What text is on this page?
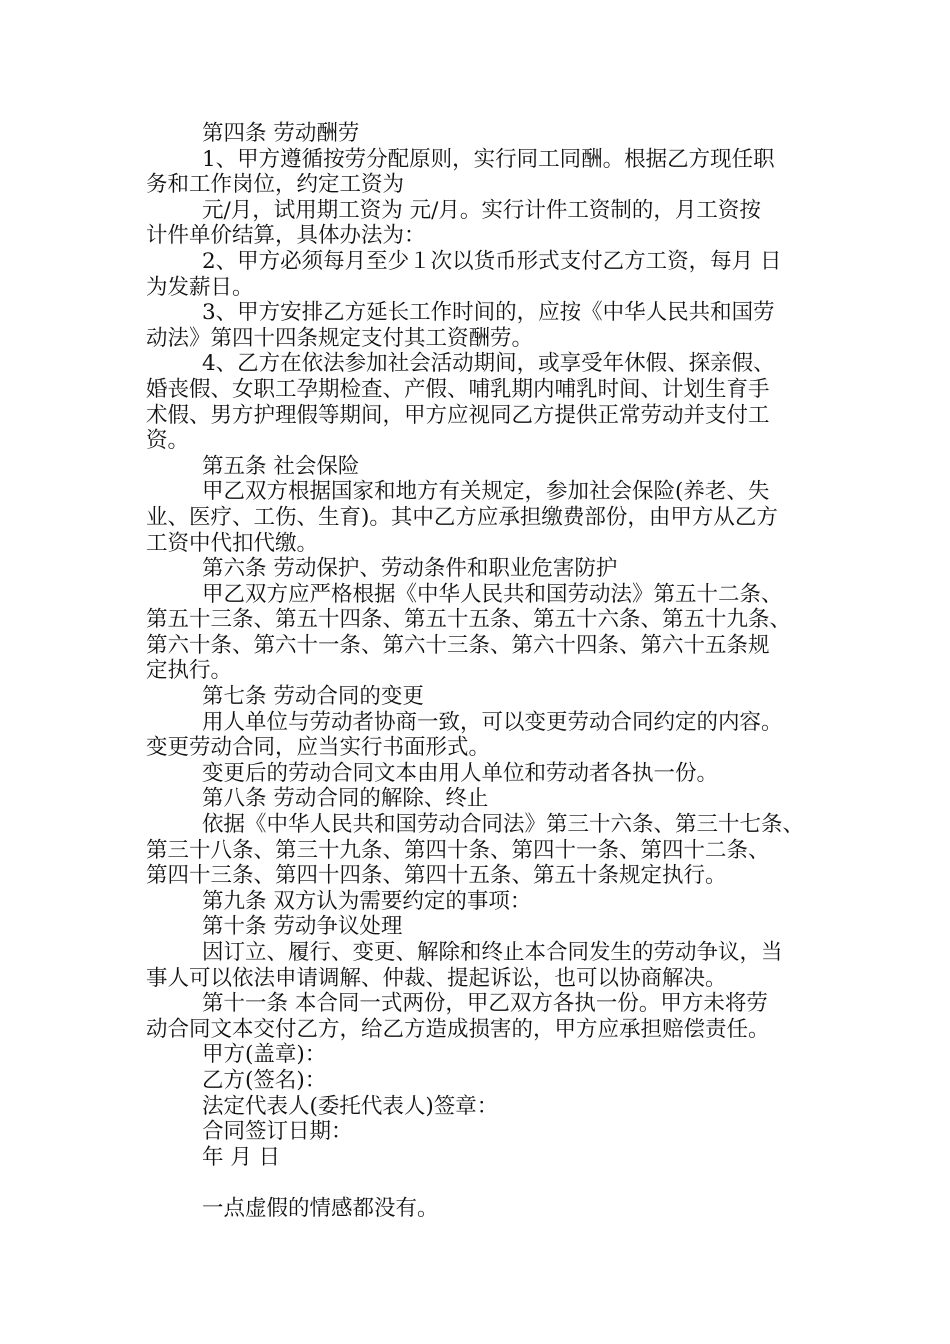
第四条 劳动酬劳
1、甲方遵循按劳分配原则，实行同工同酬。根据乙方现任职
务和工作岗位，约定工资为
元/月，试用期工资为 元/月。实行计件工资制的，月工资按
计件单价结算，具体办法为：
2、甲方必须每月至少１次以货币形式支付乙方工资，每月 日
为发薪日。
3、甲方安排乙方延长工作时间的，应按《中华人民共和国劳
动法》第四十四条规定支付其工资酬劳。
4、乙方在依法参加社会活动期间，或享受年休假、探亲假、
婚丧假、女职工孕期检查、产假、哺乳期内哺乳时间、计划生育手
术假、男方护理假等期间，甲方应视同乙方提供正常劳动并支付工
资。
第五条 社会保险
甲乙双方根据国家和地方有关规定，参加社会保险(养老、失
业、医疗、工伤、生育)。其中乙方应承担缴费部份，由甲方从乙方
工资中代扣代缴。
第六条 劳动保护、劳动条件和职业危害防护
甲乙双方应严格根据《中华人民共和国劳动法》第五十二条、
第五十三条、第五十四条、第五十五条、第五十六条、第五十九条、
第六十条、第六十一条、第六十三条、第六十四条、第六十五条规
定执行。
第七条 劳动合同的变更
用人单位与劳动者协商一致，可以变更劳动合同约定的内容。
变更劳动合同，应当实行书面形式。
变更后的劳动合同文本由用人单位和劳动者各执一份。
第八条 劳动合同的解除、终止
依据《中华人民共和国劳动合同法》第三十六条、第三十七条、
第三十八条、第三十九条、第四十条、第四十一条、第四十二条、
第四十三条、第四十四条、第四十五条、第五十条规定执行。
第九条 双方认为需要约定的事项：
第十条 劳动争议处理
因订立、履行、变更、解除和终止本合同发生的劳动争议，当
事人可以依法申请调解、仲裁、提起诉讼，也可以协商解决。
第十一条 本合同一式两份，甲乙双方各执一份。甲方未将劳
动合同文本交付乙方，给乙方造成损害的，甲方应承担赔偿责任。
甲方(盖章)：
乙方(签名)：
法定代表人(委托代表人)签章：
合同签订日期：
年 月 日
一点虚假的情感都没有。
